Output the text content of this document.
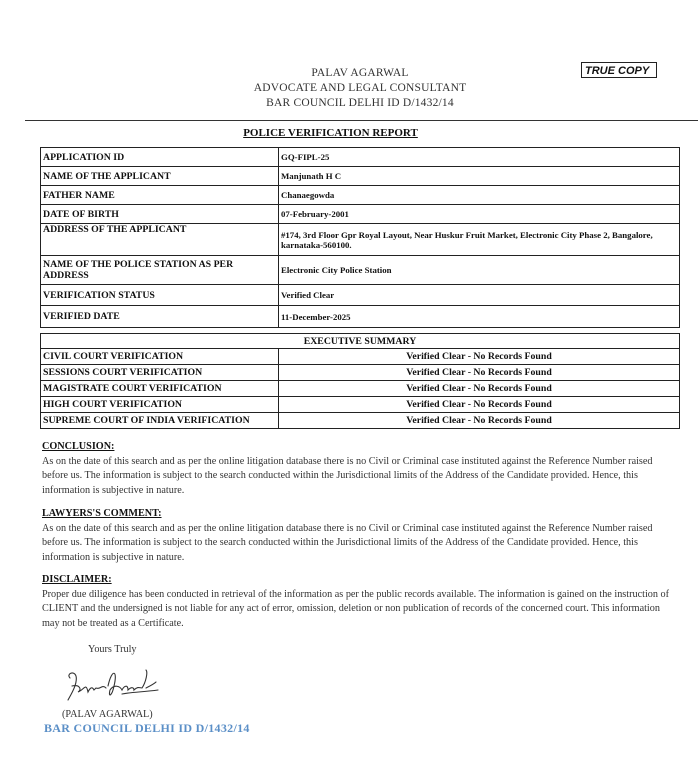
PALAV AGARWAL
ADVOCATE AND LEGAL CONSULTANT
BAR COUNCIL DELHI ID D/1432/14
TRUE COPY
POLICE VERIFICATION REPORT
APPLICATION ID	GQ-FIPL-25
NAME OF THE APPLICANT	Manjunath H C
FATHER NAME	Chanaegowda
DATE OF BIRTH	07-February-2001
ADDRESS OF THE APPLICANT	#174, 3rd Floor Gpr Royal Layout, Near Huskur Fruit Market, Electronic City Phase 2, Bangalore, karnataka-560100.
NAME OF THE POLICE STATION AS PER ADDRESS	Electronic City Police Station
VERIFICATION STATUS	Verified Clear
VERIFIED DATE	11-December-2025
EXECUTIVE SUMMARY	
CIVIL COURT VERIFICATION	Verified Clear - No Records Found
SESSIONS COURT VERIFICATION	Verified Clear - No Records Found
MAGISTRATE COURT VERIFICATION	Verified Clear - No Records Found
HIGH COURT VERIFICATION	Verified Clear - No Records Found
SUPREME COURT OF INDIA VERIFICATION	Verified Clear - No Records Found
CONCLUSION:
As on the date of this search and as per the online litigation database there is no Civil or Criminal case instituted against the Reference Number raised before us. The information is subject to the search conducted within the Jurisdictional limits of the Address of the Candidate provided. Hence, this information is subjective in nature.
LAWYERS'S COMMENT:
As on the date of this search and as per the online litigation database there is no Civil or Criminal case instituted against the Reference Number raised before us. The information is subject to the search conducted within the Jurisdictional limits of the Address of the Candidate provided. Hence, this information is subjective in nature.
DISCLAIMER:
Proper due diligence has been conducted in retrieval of the information as per the public records available. The information is gained on the instruction of CLIENT and the undersigned is not liable for any act of error, omission, deletion or non publication of records of the concerned court. This information may not be treated as a Certificate.
Yours Truly
(PALAV AGARWAL)
BAR COUNCIL DELHI ID D/1432/14
